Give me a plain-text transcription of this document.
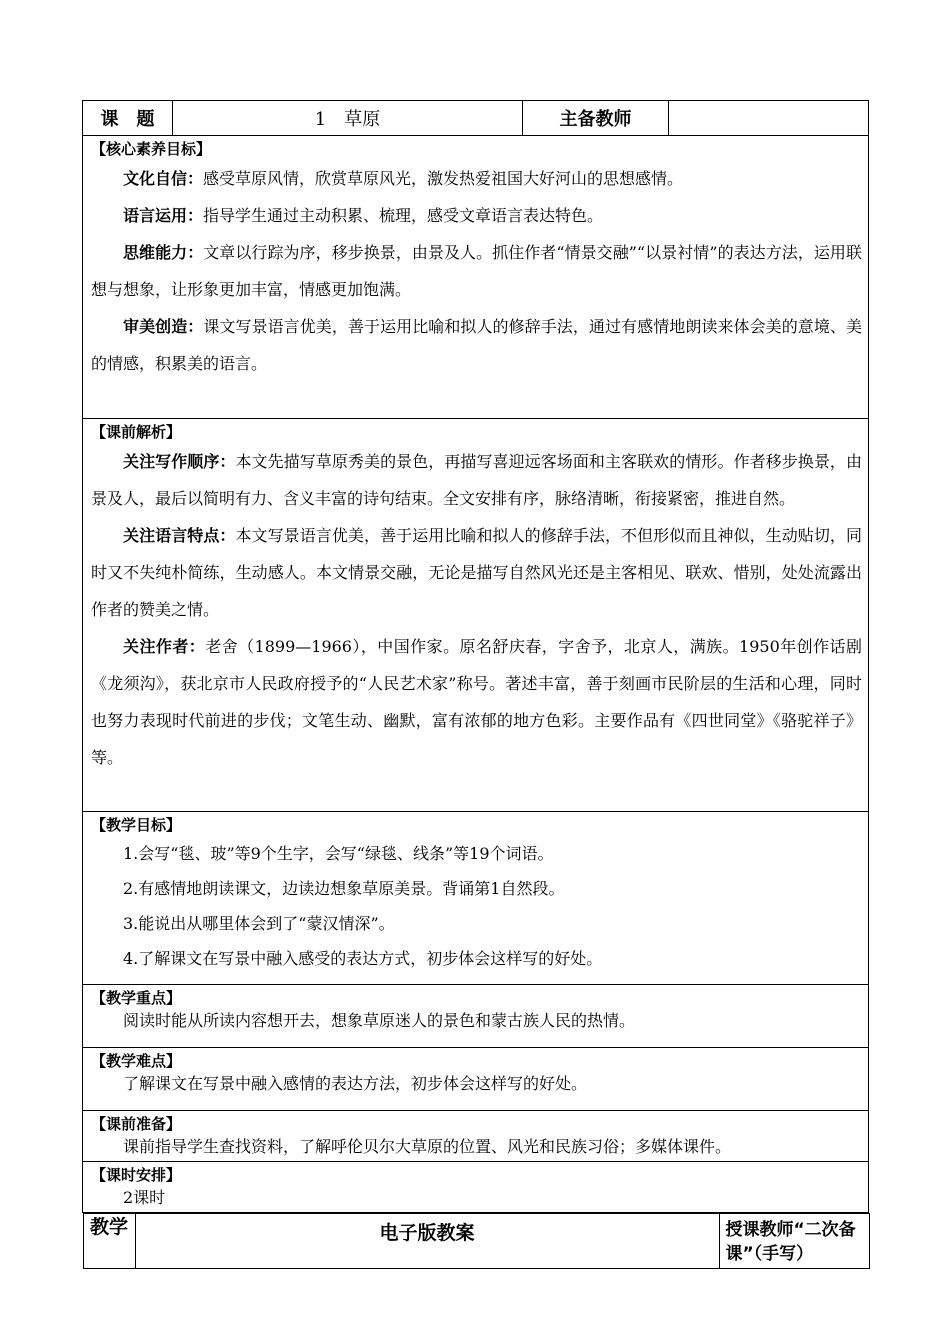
课　题	1　草原	主备教师	

【核心素养目标】

文化自信：感受草原风情，欣赏草原风光，激发热爱祖国大好河山的思想感情。

语言运用：指导学生通过主动积累、梳理，感受文章语言表达特色。

思维能力：文章以行踪为序，移步换景，由景及人。抓住作者“情景交融”“以景衬情”的表达方法，运用联想与想象，让形象更加丰富，情感更加饱满。

审美创造：课文写景语言优美，善于运用比喻和拟人的修辞手法，通过有感情地朗读来体会美的意境、美的情感，积累美的语言。

【课前解析】

关注写作顺序：本文先描写草原秀美的景色，再描写喜迎远客场面和主客联欢的情形。作者移步换景，由景及人，最后以简明有力、含义丰富的诗句结束。全文安排有序，脉络清晰，衔接紧密，推进自然。

关注语言特点：本文写景语言优美，善于运用比喻和拟人的修辞手法，不但形似而且神似，生动贴切，同时又不失纯朴简练，生动感人。本文情景交融，无论是描写自然风光还是主客相见、联欢、惜别，处处流露出作者的赞美之情。

关注作者：老舍（1899—1966），中国作家。原名舒庆春，字舍予，北京人，满族。1950年创作话剧《龙须沟》，获北京市人民政府授予的“人民艺术家”称号。著述丰富，善于刻画市民阶层的生活和心理，同时也努力表现时代前进的步伐；文笔生动、幽默，富有浓郁的地方色彩。主要作品有《四世同堂》《骆驼祥子》等。

【教学目标】

1.会写“毯、玻”等9个生字，会写“绿毯、线条”等19个词语。

2.有感情地朗读课文，边读边想象草原美景。背诵第1自然段。

3.能说出从哪里体会到了“蒙汉情深”。

4.了解课文在写景中融入感受的表达方式，初步体会这样写的好处。

【教学重点】

阅读时能从所读内容想开去，想象草原迷人的景色和蒙古族人民的热情。

【教学难点】

了解课文在写景中融入感情的表达方法，初步体会这样写的好处。

【课前准备】

课前指导学生查找资料，了解呼伦贝尔大草原的位置、风光和民族习俗；多媒体课件。

【课时安排】

2课时

教学	电子版教案	授课教师“二次备课”（手写）
